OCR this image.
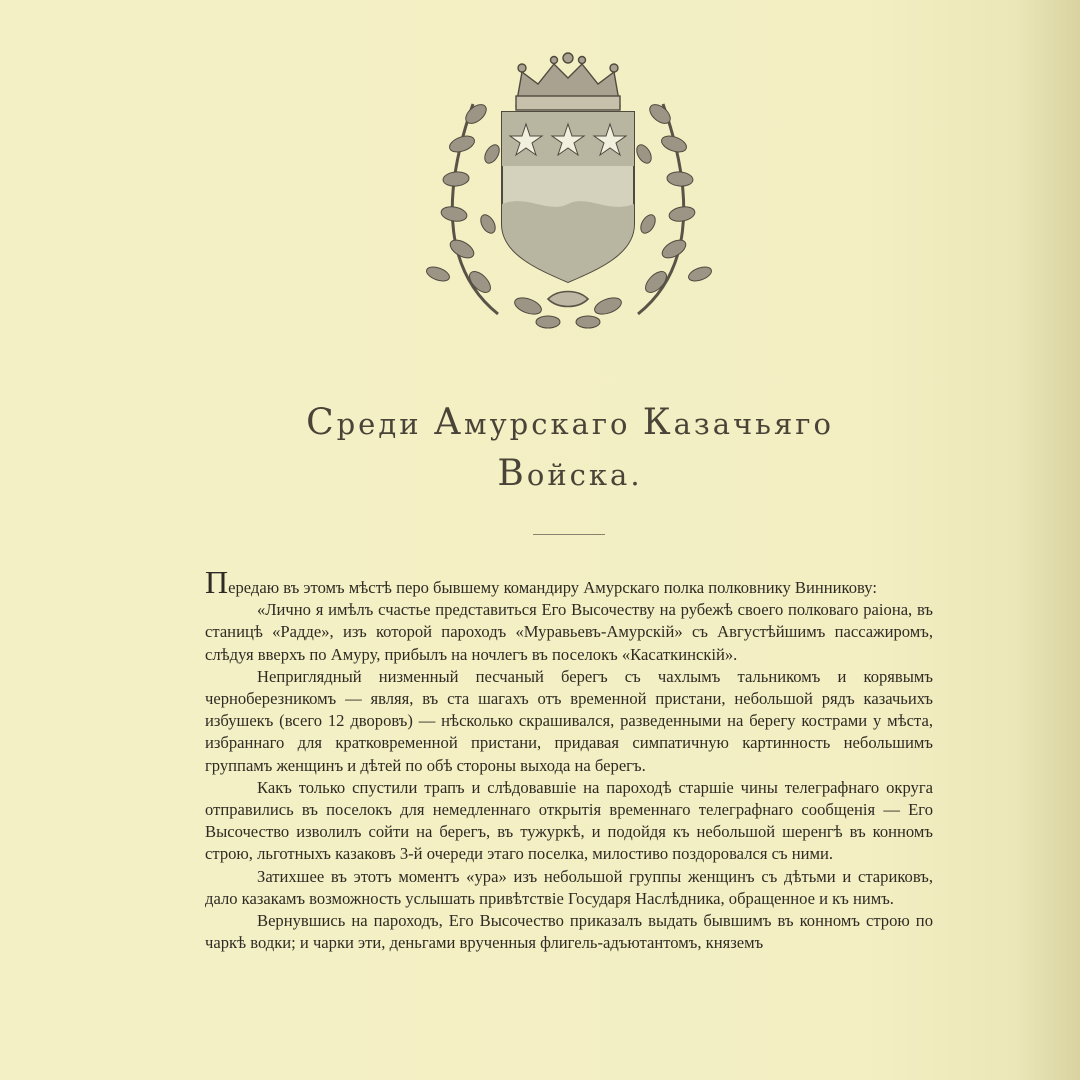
Среди Амурскаго Казачьяго
Войска.

Передаю въ этомъ мѣстѣ перо бывшему командиру Амурскаго полка полковнику Винникову:

«Лично я имѣлъ счастье представиться Его Высочеству на рубежѣ своего полковаго раіона, въ станицѣ «Радде», изъ которой пароходъ «Муравьевъ-Амурскій» съ Августѣйшимъ пассажиромъ, слѣдуя вверхъ по Амуру, прибылъ на ночлегъ въ поселокъ «Касаткинскій».

Неприглядный низменный песчаный берегъ съ чахлымъ тальникомъ и корявымъ черноберезникомъ — являя, въ ста шагахъ отъ временной пристани, небольшой рядъ казачьихъ избушекъ (всего 12 дворовъ) — нѣсколько скрашивался, разведенными на берегу кострами у мѣста, избраннаго для кратковременной пристани, придавая симпатичную картинность небольшимъ группамъ женщинъ и дѣтей по обѣ стороны выхода на берегъ.

Какъ только спустили трапъ и слѣдовавшіе на пароходѣ старшіе чины телеграфнаго округа отправились въ поселокъ для немедленнаго открытія временнаго телеграфнаго сообщенія — Его Высочество изволилъ сойти на берегъ, въ тужуркѣ, и подойдя къ небольшой шеренгѣ въ конномъ строю, льготныхъ казаковъ 3-й очереди этаго поселка, милостиво поздоровался съ ними.

Затихшее въ этотъ моментъ «ура» изъ небольшой группы женщинъ съ дѣтьми и стариковъ, дало казакамъ возможность услышать привѣтствіе Государя Наслѣдника, обращенное и къ нимъ.

Вернувшись на пароходъ, Его Высочество приказалъ выдать бывшимъ въ конномъ строю по чаркѣ водки; и чарки эти, деньгами врученныя флигель-адъютантомъ, княземъ
